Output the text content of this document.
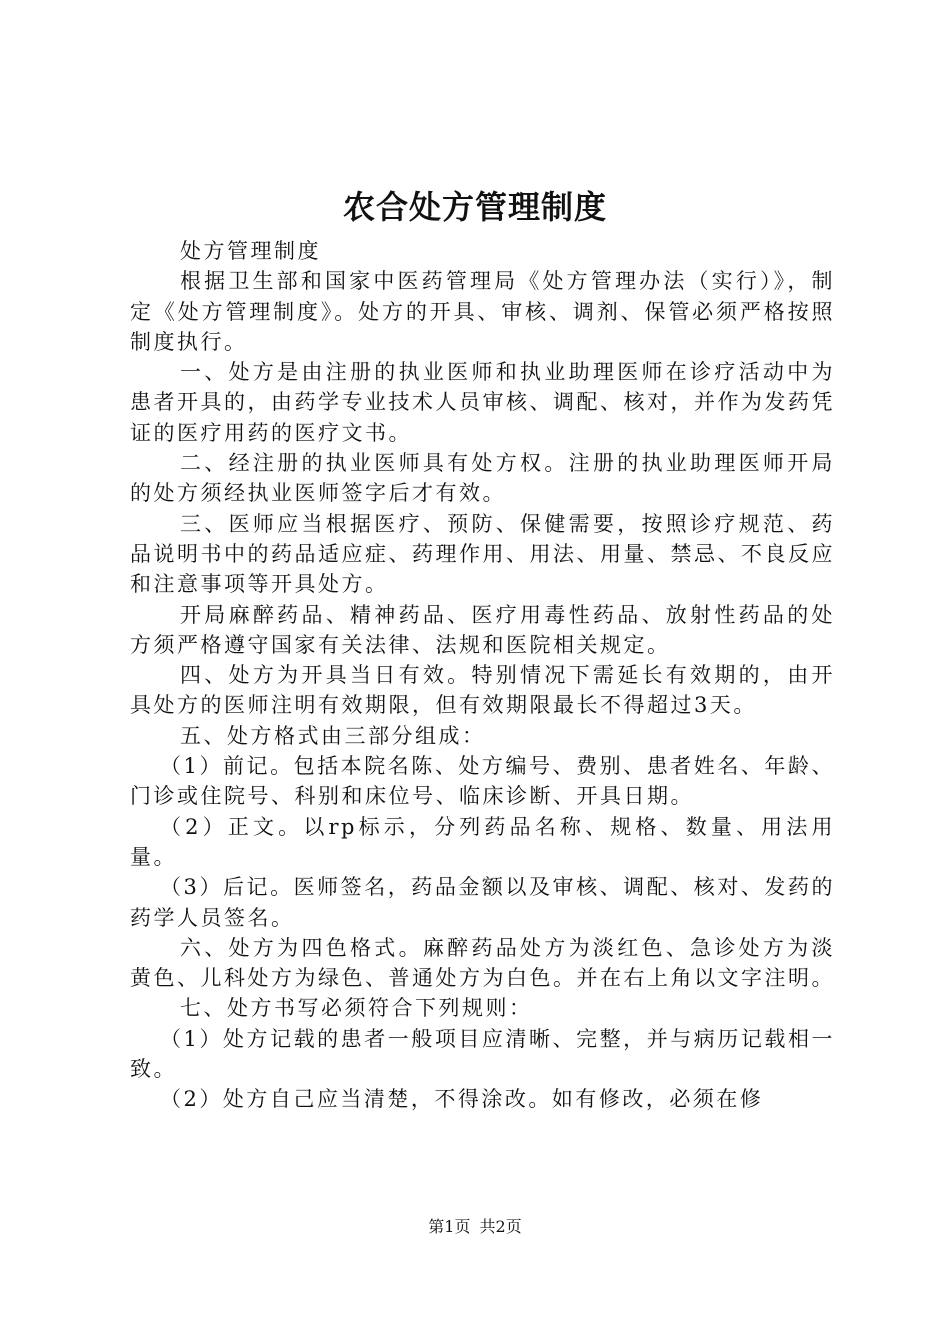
农合处方管理制度

处方管理制度

根据卫生部和国家中医药管理局《处方管理办法（实行）》，制定《处方管理制度》。处方的开具、审核、调剂、保管必须严格按照制度执行。

一、处方是由注册的执业医师和执业助理医师在诊疗活动中为患者开具的，由药学专业技术人员审核、调配、核对，并作为发药凭证的医疗用药的医疗文书。

二、经注册的执业医师具有处方权。注册的执业助理医师开局的处方须经执业医师签字后才有效。

三、医师应当根据医疗、预防、保健需要，按照诊疗规范、药品说明书中的药品适应症、药理作用、用法、用量、禁忌、不良反应和注意事项等开具处方。

开局麻醉药品、精神药品、医疗用毒性药品、放射性药品的处方须严格遵守国家有关法律、法规和医院相关规定。

四、处方为开具当日有效。特别情况下需延长有效期的，由开具处方的医师注明有效期限，但有效期限最长不得超过3天。

五、处方格式由三部分组成：

（1）前记。包括本院名陈、处方编号、费别、患者姓名、年龄、门诊或住院号、科别和床位号、临床诊断、开具日期。

（2）正文。以rp标示，分列药品名称、规格、数量、用法用量。

（3）后记。医师签名，药品金额以及审核、调配、核对、发药的药学人员签名。

六、处方为四色格式。麻醉药品处方为淡红色、急诊处方为淡黄色、儿科处方为绿色、普通处方为白色。并在右上角以文字注明。

七、处方书写必须符合下列规则：

（1）处方记载的患者一般项目应清晰、完整，并与病历记载相一致。

（2）处方自己应当清楚，不得涂改。如有修改，必须在修

第1页 共2页
